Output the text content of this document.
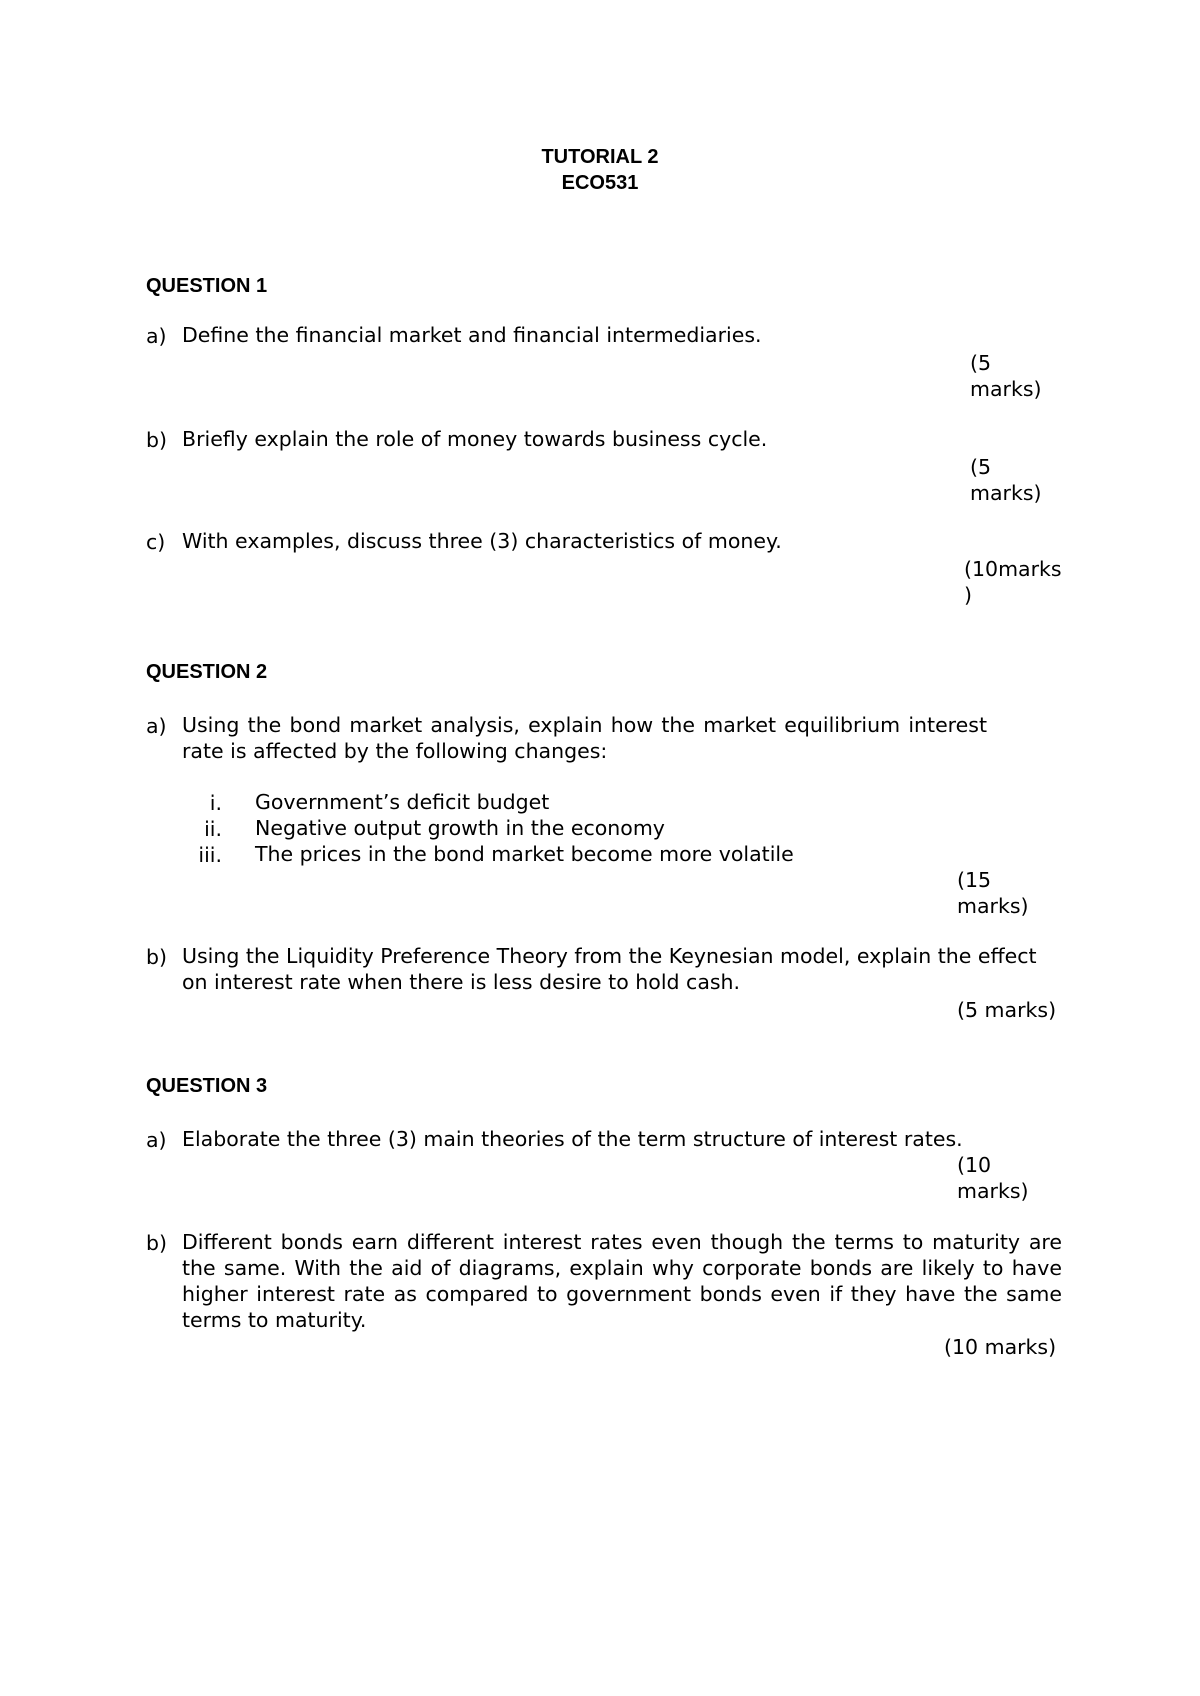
TUTORIAL 2
ECO531
QUESTION 1
a) Define the financial market and financial intermediaries.
(5
marks)
b) Briefly explain the role of money towards business cycle.
(5
marks)
c) With examples, discuss three (3) characteristics of money.
(10marks
)
QUESTION 2
a) Using the bond market analysis, explain how the market equilibrium interest rate is affected by the following changes:
i. Government’s deficit budget
ii. Negative output growth in the economy
iii. The prices in the bond market become more volatile
(15
marks)
b) Using the Liquidity Preference Theory from the Keynesian model, explain the effect on interest rate when there is less desire to hold cash.
(5 marks)
QUESTION 3
a) Elaborate the three (3) main theories of the term structure of interest rates.
(10
marks)
b) Different bonds earn different interest rates even though the terms to maturity are the same. With the aid of diagrams, explain why corporate bonds are likely to have higher interest rate as compared to government bonds even if they have the same terms to maturity.
(10 marks)
